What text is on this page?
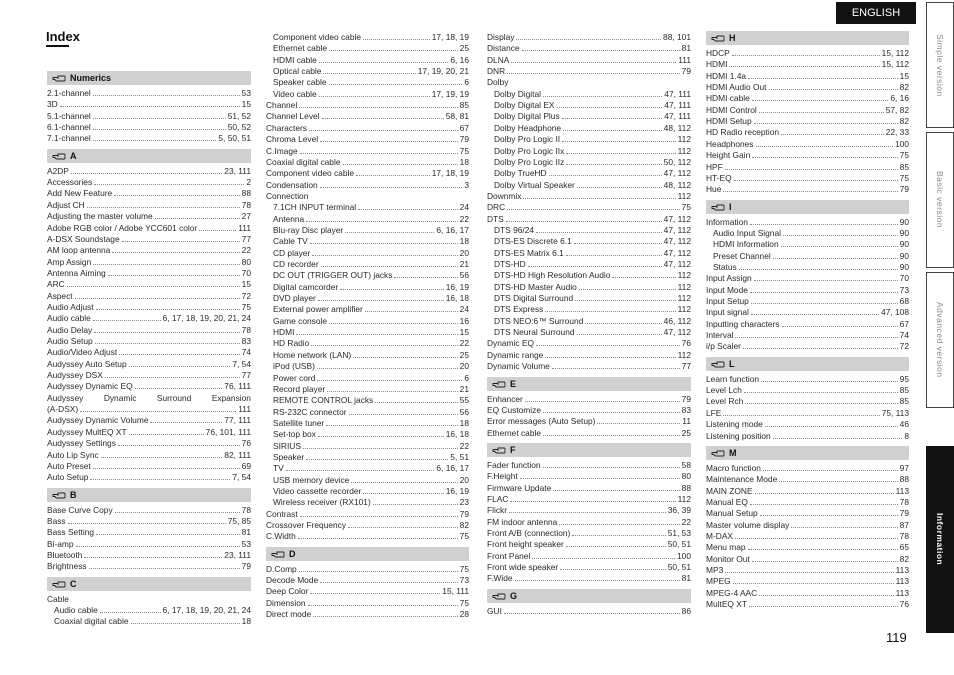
Index
Numerics
2.1-channel	53
3D	15
5.1-channel	51, 52
6.1-channel	50, 52
7.1-channel	5, 50, 51
A
A2DP	23, 111
Accessories	2
Add New Feature	88
Adjust CH	78
Adjusting the master volume	27
Adobe RGB color / Adobe YCC601 color	111
A-DSX Soundstage	77
AM loop antenna	22
Amp Assign	80
Antenna Aiming	70
ARC	15
Aspect	72
Audio Adjust	75
Audio cable	6, 17, 18, 19, 20, 21, 24
Audio Delay	78
Audio Setup	83
Audio/Video Adjust	74
Audyssey Auto Setup	7, 54
Audyssey DSX	77
Audyssey Dynamic EQ	76, 111
Audyssey Dynamic Surround Expansion
(A-DSX)	111
Audyssey Dynamic Volume	77, 111
Audyssey MultEQ XT	76, 101, 111
Audyssey Settings	76
Auto Lip Sync	82, 111
Auto Preset	69
Auto Setup	7, 54
B
Base Curve Copy	78
Bass	75, 85
Bass Setting	81
Bi-amp	53
Bluetooth	23, 111
Brightness	79
C
Cable
Audio cable	6, 17, 18, 19, 20, 21, 24
Coaxial digital cable	18
Component video cable	17, 18, 19
Ethernet cable	25
HDMI cable	6, 16
Optical cable	17, 19, 20, 21
Speaker cable	6
Video cable	17, 19, 19
Channel	85
Channel Level	58, 81
Characters	67
Chroma Level	79
C.Image	75
Coaxial digital cable	18
Component video cable	17, 18, 19
Condensation	3
Connection
7.1CH INPUT terminal	24
Antenna	22
Blu-ray Disc player	6, 16, 17
Cable TV	18
CD player	20
CD recorder	21
DC OUT (TRIGGER OUT) jacks	56
Digital camcorder	16, 19
DVD player	16, 18
External power amplifier	24
Game console	16
HDMI	15
HD Radio	22
Home network (LAN)	25
iPod (USB)	20
Power cord	6
Record player	21
REMOTE CONTROL jacks	55
RS-232C connector	56
Satellite tuner	18
Set-top box	16, 18
SIRIUS	22
Speaker	5, 51
TV	6, 16, 17
USB memory device	20
Video cassette recorder	16, 19
Wireless receiver (RX101)	23
Contrast	79
Crossover Frequency	82
C.Width	75
D
D.Comp	75
Decode Mode	73
Deep Color	15, 111
Dimension	75
Direct mode	28
Display	88, 101
Distance	81
DLNA	111
DNR	79
Dolby
Dolby Digital	47, 111
Dolby Digital EX	47, 111
Dolby Digital Plus	47, 111
Dolby Headphone	48, 112
Dolby Pro Logic II	112
Dolby Pro Logic IIx	112
Dolby Pro Logic IIz	50, 112
Dolby TrueHD	47, 112
Dolby Virtual Speaker	48, 112
Downmix	112
DRC	75
DTS	47, 112
DTS 96/24	47, 112
DTS-ES Discrete 6.1	47, 112
DTS-ES Matrix 6.1	47, 112
DTS-HD	47, 112
DTS-HD High Resolution Audio	112
DTS-HD Master Audio	112
DTS Digital Surround	112
DTS Express	112
DTS NEO:6™ Surround	46, 112
DTS Neural Surround	47, 112
Dynamic EQ	76
Dynamic range	112
Dynamic Volume	77
E
Enhancer	79
EQ Customize	83
Error messages (Auto Setup)	11
Ethernet cable	25
F
Fader function	58
F.Height	80
Firmware Update	88
FLAC	112
Flickr	36, 39
FM indoor antenna	22
Front A/B (connection)	51, 53
Front height speaker	50, 51
Front Panel	100
Front wide speaker	50, 51
F.Wide	81
G
GUI	86
H
HDCP	15, 112
HDMI	15, 112
HDMI 1.4a	15
HDMI Audio Out	82
HDMI cable	6, 16
HDMI Control	57, 82
HDMI Setup	82
HD Radio reception	22, 33
Headphones	100
Height Gain	75
HPF	85
HT-EQ	75
Hue	79
I
Information	90
Audio Input Signal	90
HDMI Information	90
Preset Channel	90
Status	90
Input Assign	70
Input Mode	73
Input Setup	68
Input signal	47, 108
Inputting characters	67
Interval	74
i/p Scaler	72
L
Learn function	95
Level Lch	85
Level Rch	85
LFE	75, 113
Listening mode	46
Listening position	8
M
Macro function	97
Maintenance Mode	88
MAIN ZONE	113
Manual EQ	78
Manual Setup	79
Master volume display	87
M-DAX	78
Menu map	65
Monitor Out	82
MP3	113
MPEG	113
MPEG-4 AAC	113
MultEQ XT	76
ENGLISH
Simple version
Basic version
Advanced version
Information
119
